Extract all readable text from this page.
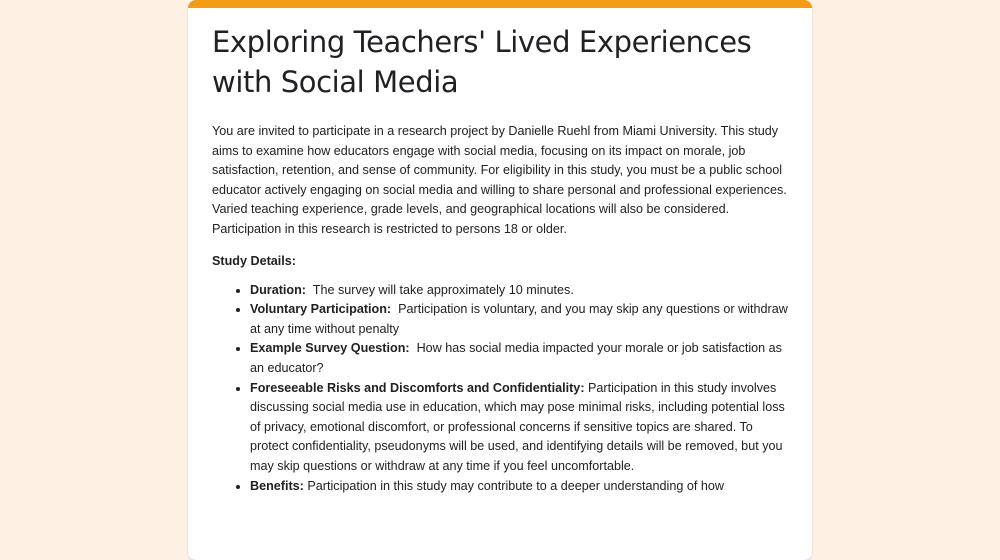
Exploring Teachers' Lived Experiences with Social Media

You are invited to participate in a research project by Danielle Ruehl from Miami University. This study aims to examine how educators engage with social media, focusing on its impact on morale, job satisfaction, retention, and sense of community. For eligibility in this study, you must be a public school educator actively engaging on social media and willing to share personal and professional experiences. Varied teaching experience, grade levels, and geographical locations will also be considered. Participation in this research is restricted to persons 18 or older.

Study Details:
• Duration: The survey will take approximately 10 minutes.
• Voluntary Participation: Participation is voluntary, and you may skip any questions or withdraw at any time without penalty
• Example Survey Question: How has social media impacted your morale or job satisfaction as an educator?
• Foreseeable Risks and Discomforts and Confidentiality: Participation in this study involves discussing social media use in education, which may pose minimal risks, including potential loss of privacy, emotional discomfort, or professional concerns if sensitive topics are shared. To protect confidentiality, pseudonyms will be used, and identifying details will be removed, but you may skip questions or withdraw at any time if you feel uncomfortable.
• Benefits: Participation in this study may contribute to a deeper understanding of how
